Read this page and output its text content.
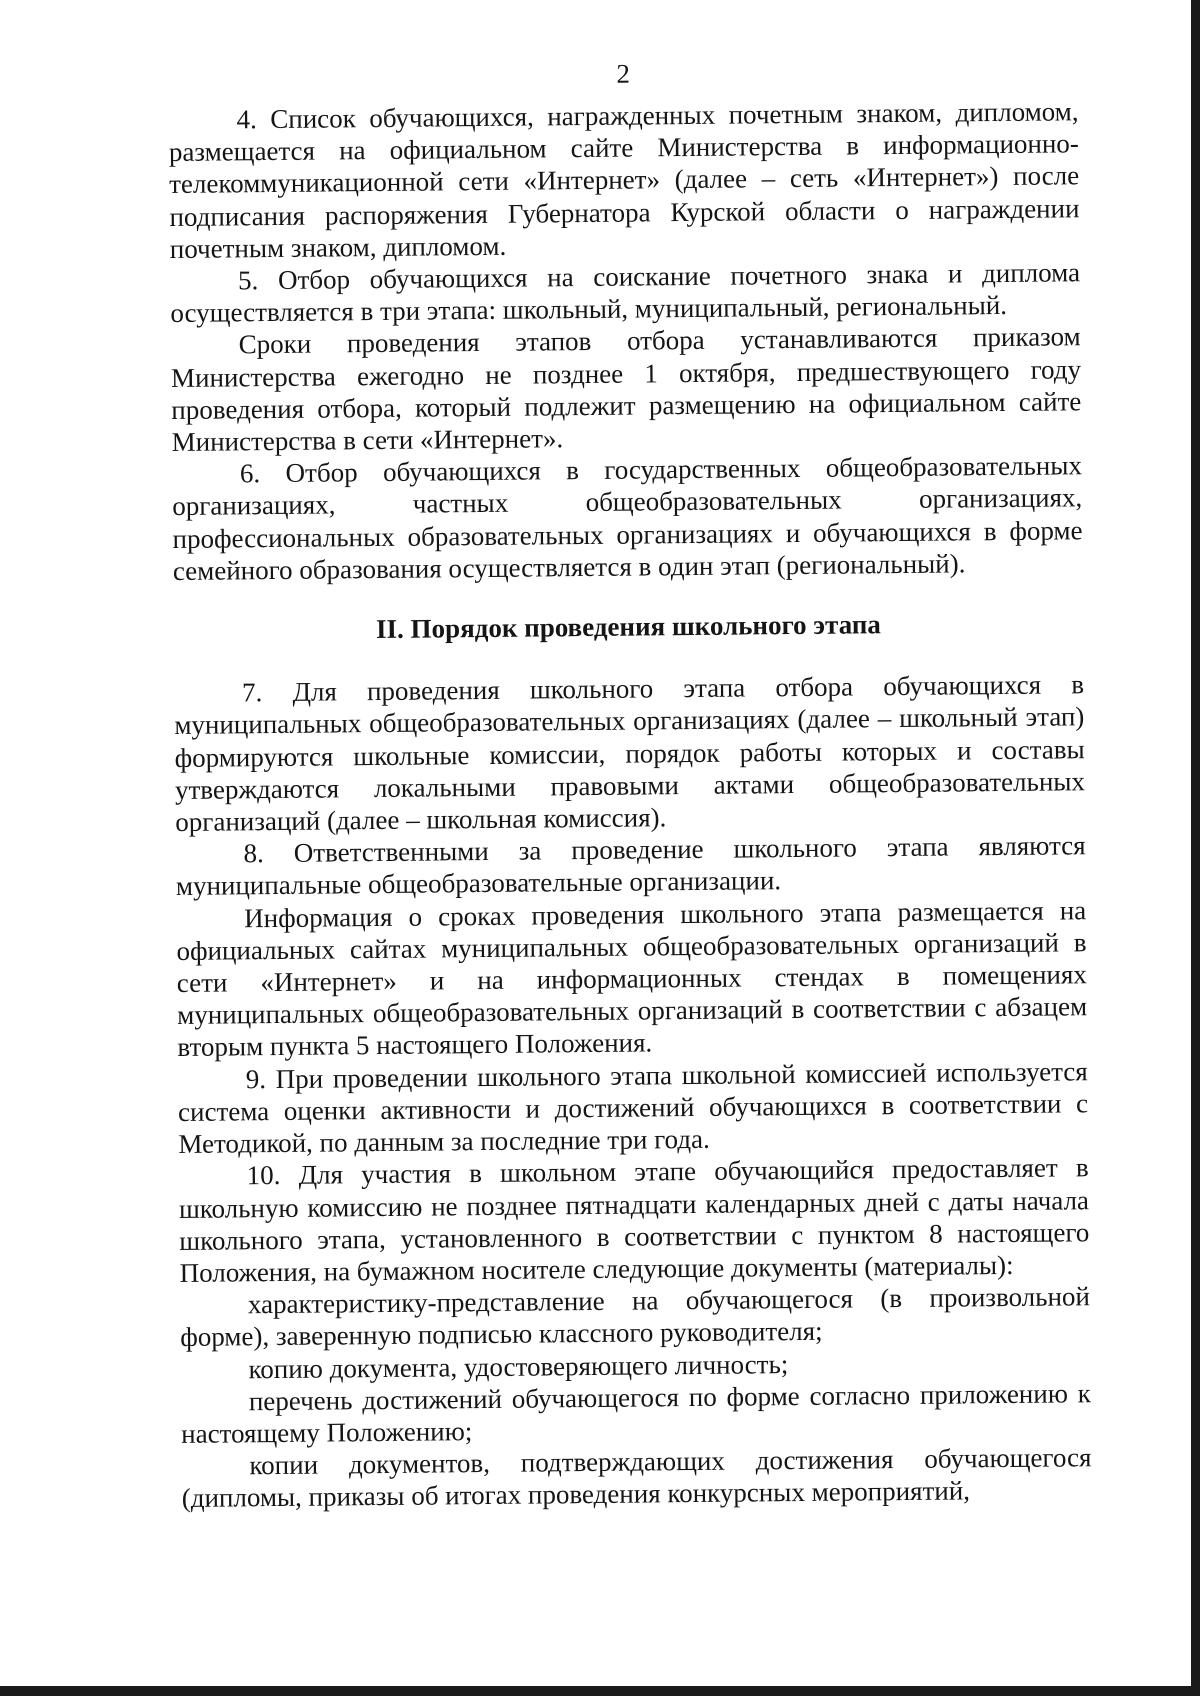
2

4. Список обучающихся, награжденных почетным знаком, дипломом, размещается на официальном сайте Министерства в информационно-телекоммуникационной сети «Интернет» (далее – сеть «Интернет») после подписания распоряжения Губернатора Курской области о награждении почетным знаком, дипломом.

5. Отбор обучающихся на соискание почетного знака и диплома осуществляется в три этапа: школьный, муниципальный, региональный.

Сроки проведения этапов отбора устанавливаются приказом Министерства ежегодно не позднее 1 октября, предшествующего году проведения отбора, который подлежит размещению на официальном сайте Министерства в сети «Интернет».

6. Отбор обучающихся в государственных общеобразовательных организациях, частных общеобразовательных организациях, профессиональных образовательных организациях и обучающихся в форме семейного образования осуществляется в один этап (региональный).

II. Порядок проведения школьного этапа

7. Для проведения школьного этапа отбора обучающихся в муниципальных общеобразовательных организациях (далее – школьный этап) формируются школьные комиссии, порядок работы которых и составы утверждаются локальными правовыми актами общеобразовательных организаций (далее – школьная комиссия).

8. Ответственными за проведение школьного этапа являются муниципальные общеобразовательные организации.

Информация о сроках проведения школьного этапа размещается на официальных сайтах муниципальных общеобразовательных организаций в сети «Интернет» и на информационных стендах в помещениях муниципальных общеобразовательных организаций в соответствии с абзацем вторым пункта 5 настоящего Положения.

9. При проведении школьного этапа школьной комиссией используется система оценки активности и достижений обучающихся в соответствии с Методикой, по данным за последние три года.

10. Для участия в школьном этапе обучающийся предоставляет в школьную комиссию не позднее пятнадцати календарных дней с даты начала школьного этапа, установленного в соответствии с пунктом 8 настоящего Положения, на бумажном носителе следующие документы (материалы):

характеристику-представление на обучающегося (в произвольной форме), заверенную подписью классного руководителя;

копию документа, удостоверяющего личность;

перечень достижений обучающегося по форме согласно приложению к настоящему Положению;

копии документов, подтверждающих достижения обучающегося (дипломы, приказы об итогах проведения конкурсных мероприятий,
